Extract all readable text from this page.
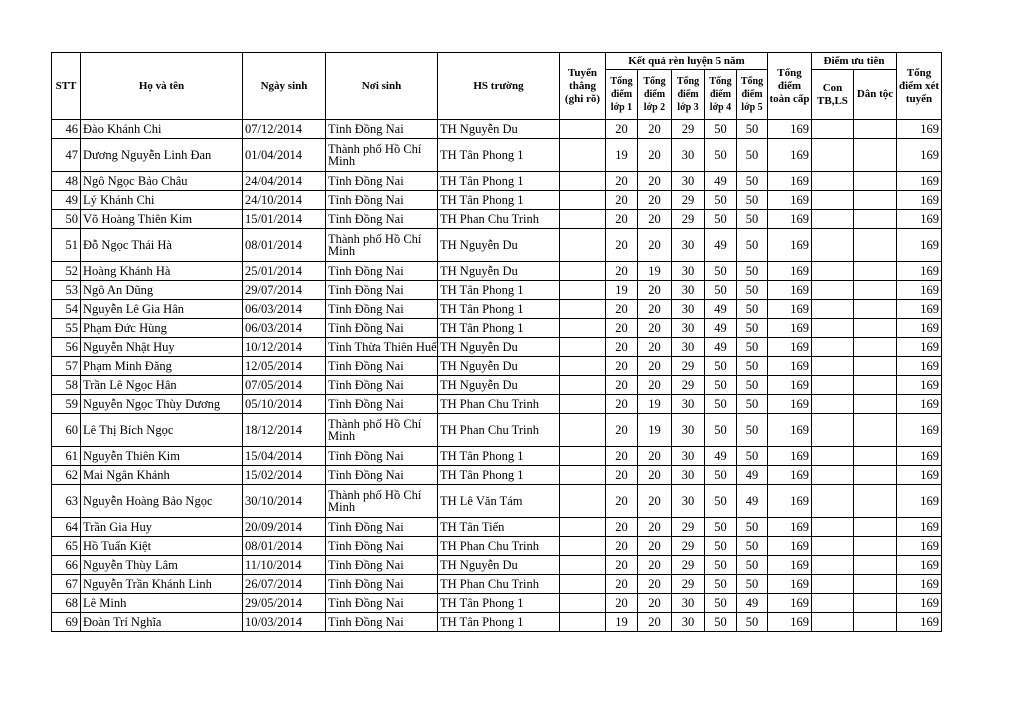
STT	Họ và tên	Ngày sinh	Nơi sinh	HS trường	Tuyển thẳng (ghi rõ)	Kết quả rèn luyện 5 năm					Tổng điểm toàn cấp	Điểm ưu tiên		Tổng điểm xét tuyển
						Tổng điểm lớp 1	Tổng điểm lớp 2	Tổng điểm lớp 3	Tổng điểm lớp 4	Tổng điểm lớp 5		Con TB,LS	Dân tộc	
46	Đào Khánh Chi	07/12/2014	Tỉnh Đồng Nai	TH Nguyễn Du		20	20	29	50	50	169			169
47	Dương Nguyễn Linh Đan	01/04/2014	Thành phố Hồ Chí Minh	TH Tân Phong 1		19	20	30	50	50	169			169
48	Ngô Ngọc Bảo Châu	24/04/2014	Tỉnh Đồng Nai	TH Tân Phong 1		20	20	30	49	50	169			169
49	Lý Khánh Chi	24/10/2014	Tỉnh Đồng Nai	TH Tân Phong 1		20	20	29	50	50	169			169
50	Võ Hoàng Thiên Kim	15/01/2014	Tỉnh Đồng Nai	TH Phan Chu Trinh		20	20	29	50	50	169			169
51	Đỗ Ngọc Thái Hà	08/01/2014	Thành phố Hồ Chí Minh	TH Nguyễn Du		20	20	30	49	50	169			169
52	Hoàng Khánh Hà	25/01/2014	Tỉnh Đồng Nai	TH Nguyễn Du		20	19	30	50	50	169			169
53	Ngô An Dũng	29/07/2014	Tỉnh Đồng Nai	TH Tân Phong 1		19	20	30	50	50	169			169
54	Nguyễn Lê Gia Hân	06/03/2014	Tỉnh Đồng Nai	TH Tân Phong 1		20	20	30	49	50	169			169
55	Phạm Đức Hùng	06/03/2014	Tỉnh Đồng Nai	TH Tân Phong 1		20	20	30	49	50	169			169
56	Nguyễn Nhật Huy	10/12/2014	Tỉnh Thừa Thiên Huế	TH Nguyễn Du		20	20	30	49	50	169			169
57	Phạm Minh Đăng	12/05/2014	Tỉnh Đồng Nai	TH Nguyễn Du		20	20	29	50	50	169			169
58	Trần Lê Ngọc Hân	07/05/2014	Tỉnh Đồng Nai	TH Nguyễn Du		20	20	29	50	50	169			169
59	Nguyễn Ngọc Thùy Dương	05/10/2014	Tỉnh Đồng Nai	TH Phan Chu Trinh		20	19	30	50	50	169			169
60	Lê Thị Bích Ngọc	18/12/2014	Thành phố Hồ Chí Minh	TH Phan Chu Trinh		20	19	30	50	50	169			169
61	Nguyễn Thiên Kim	15/04/2014	Tỉnh Đồng Nai	TH Tân Phong 1		20	20	30	49	50	169			169
62	Mai Ngân Khánh	15/02/2014	Tỉnh Đồng Nai	TH Tân Phong 1		20	20	30	50	49	169			169
63	Nguyễn Hoàng Bảo Ngọc	30/10/2014	Thành phố Hồ Chí Minh	TH Lê Văn Tám		20	20	30	50	49	169			169
64	Trần Gia Huy	20/09/2014	Tỉnh Đồng Nai	TH Tân Tiến		20	20	29	50	50	169			169
65	Hồ Tuấn Kiệt	08/01/2014	Tỉnh Đồng Nai	TH Phan Chu Trinh		20	20	29	50	50	169			169
66	Nguyễn Thùy Lâm	11/10/2014	Tỉnh Đồng Nai	TH Nguyễn Du		20	20	29	50	50	169			169
67	Nguyễn Trần Khánh Linh	26/07/2014	Tỉnh Đồng Nai	TH Phan Chu Trinh		20	20	29	50	50	169			169
68	Lê Minh	29/05/2014	Tỉnh Đồng Nai	TH Tân Phong 1		20	20	30	50	49	169			169
69	Đoàn Trí Nghĩa	10/03/2014	Tỉnh Đồng Nai	TH Tân Phong 1		19	20	30	50	50	169			169
